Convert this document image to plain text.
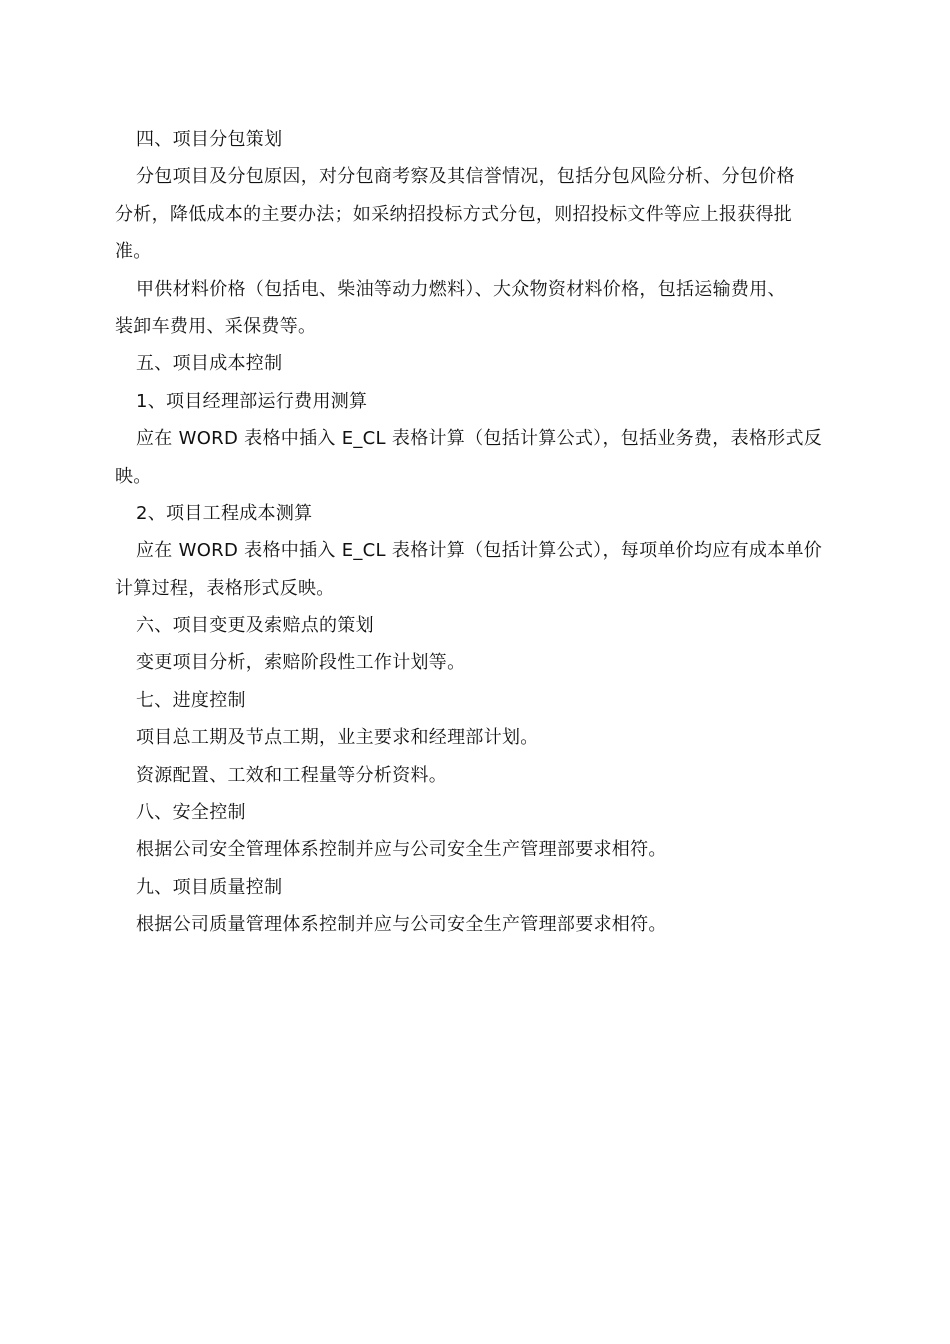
四、项目分包策划
分包项目及分包原因，对分包商考察及其信誉情况，包括分包风险分析、分包价格
分析，降低成本的主要办法；如采纳招投标方式分包，则招投标文件等应上报获得批
准。
甲供材料价格（包括电、柴油等动力燃料）、大众物资材料价格，包括运输费用、
装卸车费用、采保费等。
五、项目成本控制
1、项目经理部运行费用测算
应在 WORD 表格中插入 E_CL 表格计算（包括计算公式），包括业务费，表格形式反
映。
2、项目工程成本测算
应在 WORD 表格中插入 E_CL 表格计算（包括计算公式），每项单价均应有成本单价
计算过程，表格形式反映。
六、项目变更及索赔点的策划
变更项目分析，索赔阶段性工作计划等。
七、进度控制
项目总工期及节点工期，业主要求和经理部计划。
资源配置、工效和工程量等分析资料。
八、安全控制
根据公司安全管理体系控制并应与公司安全生产管理部要求相符。
九、项目质量控制
根据公司质量管理体系控制并应与公司安全生产管理部要求相符。
